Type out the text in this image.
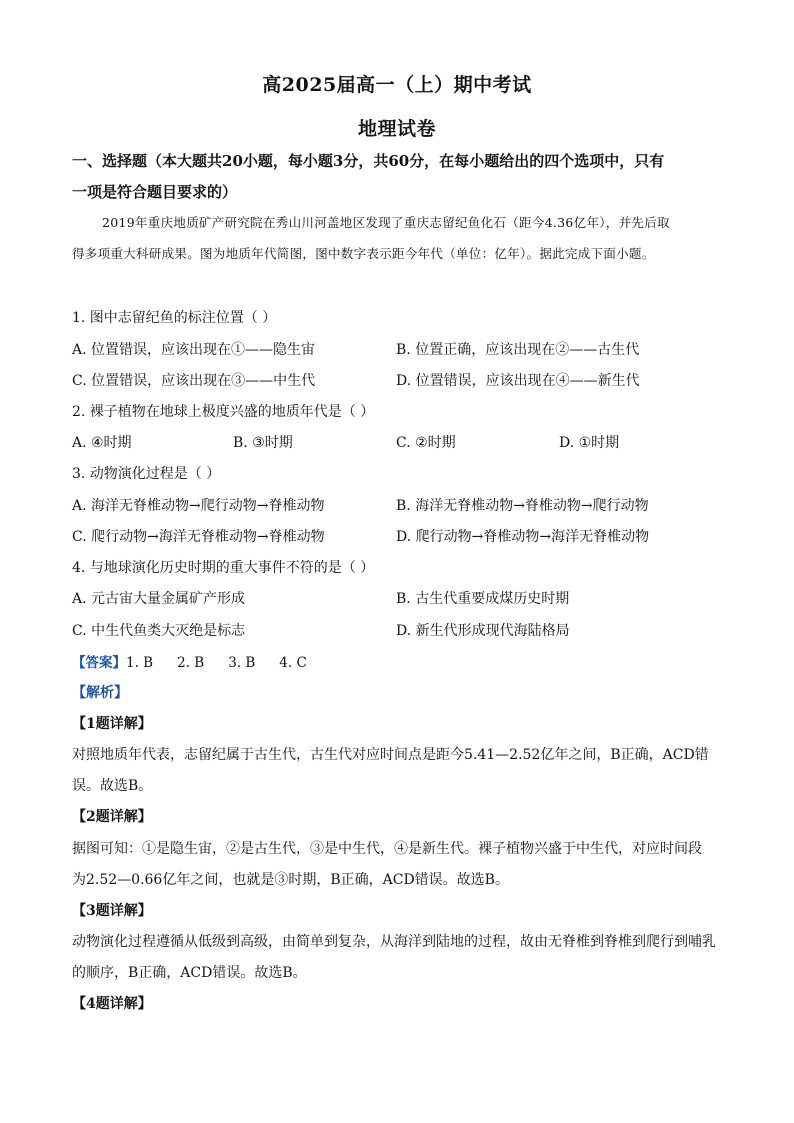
高2025届高一（上）期中考试
地理试卷
一、选择题（本大题共20小题，每小题3分，共60分，在每小题给出的四个选项中，只有
一项是符合题目要求的）
2019年重庆地质矿产研究院在秀山川河盖地区发现了重庆志留纪鱼化石（距今4.36亿年），并先后取
得多项重大科研成果。图为地质年代简图，图中数字表示距今年代（单位：亿年）。据此完成下面小题。
1. 图中志留纪鱼的标注位置（ ）
A. 位置错误，应该出现在①——隐生宙	B. 位置正确，应该出现在②——古生代
C. 位置错误，应该出现在③——中生代	D. 位置错误，应该出现在④——新生代
2. 裸子植物在地球上极度兴盛的地质年代是（ ）
A. ④时期	B. ③时期	C. ②时期	D. ①时期
3. 动物演化过程是（ ）
A. 海洋无脊椎动物→爬行动物→脊椎动物	B. 海洋无脊椎动物→脊椎动物→爬行动物
C. 爬行动物→海洋无脊椎动物→脊椎动物	D. 爬行动物→脊椎动物→海洋无脊椎动物
4. 与地球演化历史时期的重大事件不符的是（ ）
A. 元古宙大量金属矿产形成	B. 古生代重要成煤历史时期
C. 中生代鱼类大灭绝是标志	D. 新生代形成现代海陆格局
【答案】1. B 2. B 3. B 4. C
【解析】
【1题详解】
对照地质年代表，志留纪属于古生代，古生代对应时间点是距今5.41—2.52亿年之间，B正确，ACD错
误。故选B。
【2题详解】
据图可知：①是隐生宙，②是古生代，③是中生代，④是新生代。裸子植物兴盛于中生代，对应时间段
为2.52—0.66亿年之间，也就是③时期，B正确，ACD错误。故选B。
【3题详解】
动物演化过程遵循从低级到高级，由简单到复杂，从海洋到陆地的过程，故由无脊椎到脊椎到爬行到哺乳
的顺序，B正确，ACD错误。故选B。
【4题详解】
